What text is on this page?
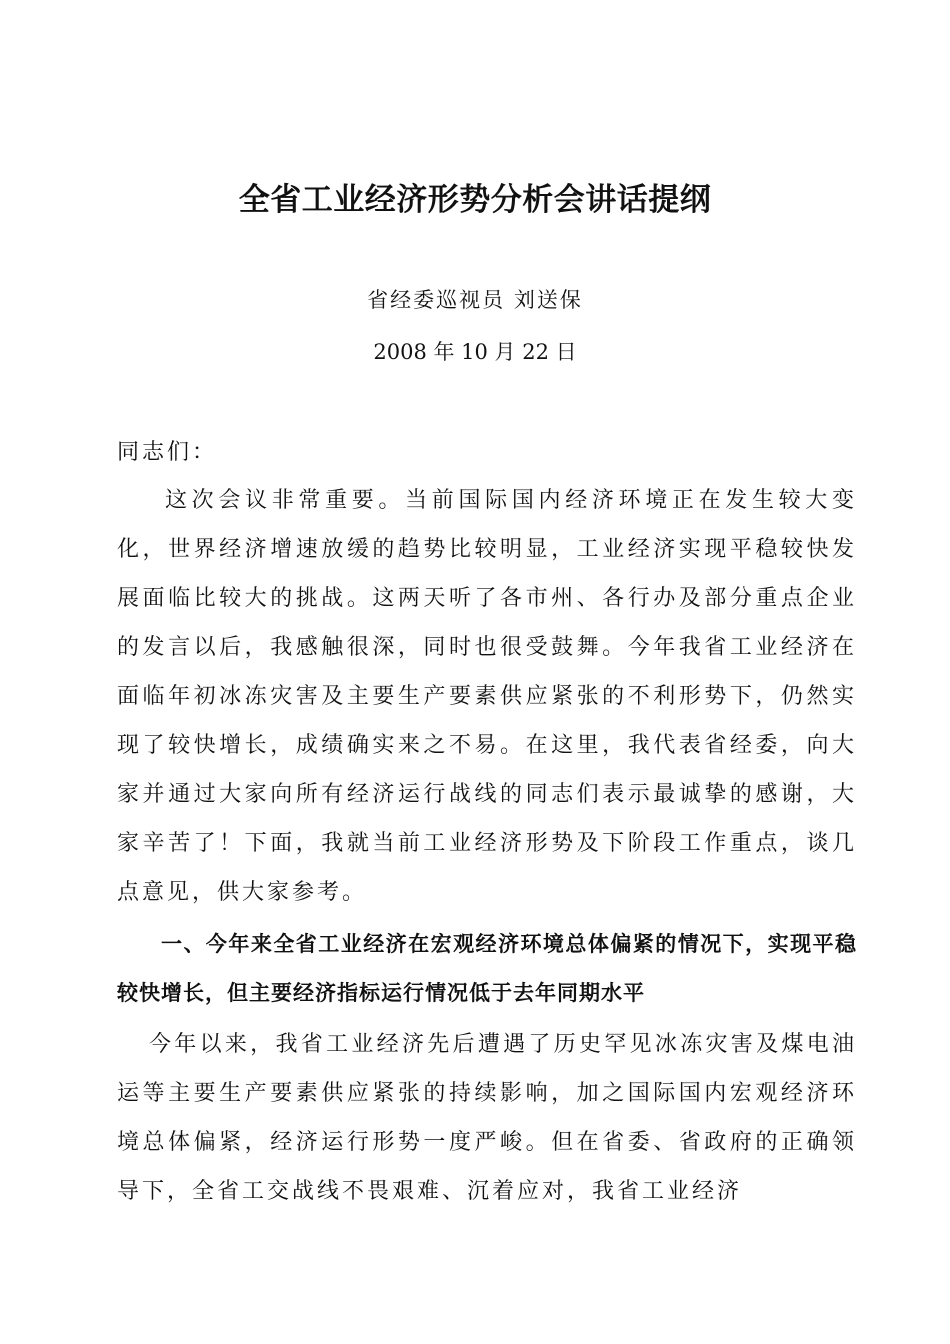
全省工业经济形势分析会讲话提纲
省经委巡视员 刘送保
2008 年 10 月 22 日
同志们：
这次会议非常重要。当前国际国内经济环境正在发生较大变化，世界经济增速放缓的趋势比较明显，工业经济实现平稳较快发展面临比较大的挑战。这两天听了各市州、各行办及部分重点企业的发言以后，我感触很深，同时也很受鼓舞。今年我省工业经济在面临年初冰冻灾害及主要生产要素供应紧张的不利形势下，仍然实现了较快增长，成绩确实来之不易。在这里，我代表省经委，向大家并通过大家向所有经济运行战线的同志们表示最诚挚的感谢，大家辛苦了！下面，我就当前工业经济形势及下阶段工作重点，谈几点意见，供大家参考。
一、今年来全省工业经济在宏观经济环境总体偏紧的情况下，实现平稳较快增长，但主要经济指标运行情况低于去年同期水平
今年以来，我省工业经济先后遭遇了历史罕见冰冻灾害及煤电油运等主要生产要素供应紧张的持续影响，加之国际国内宏观经济环境总体偏紧，经济运行形势一度严峻。但在省委、省政府的正确领导下，全省工交战线不畏艰难、沉着应对，我省工业经济
